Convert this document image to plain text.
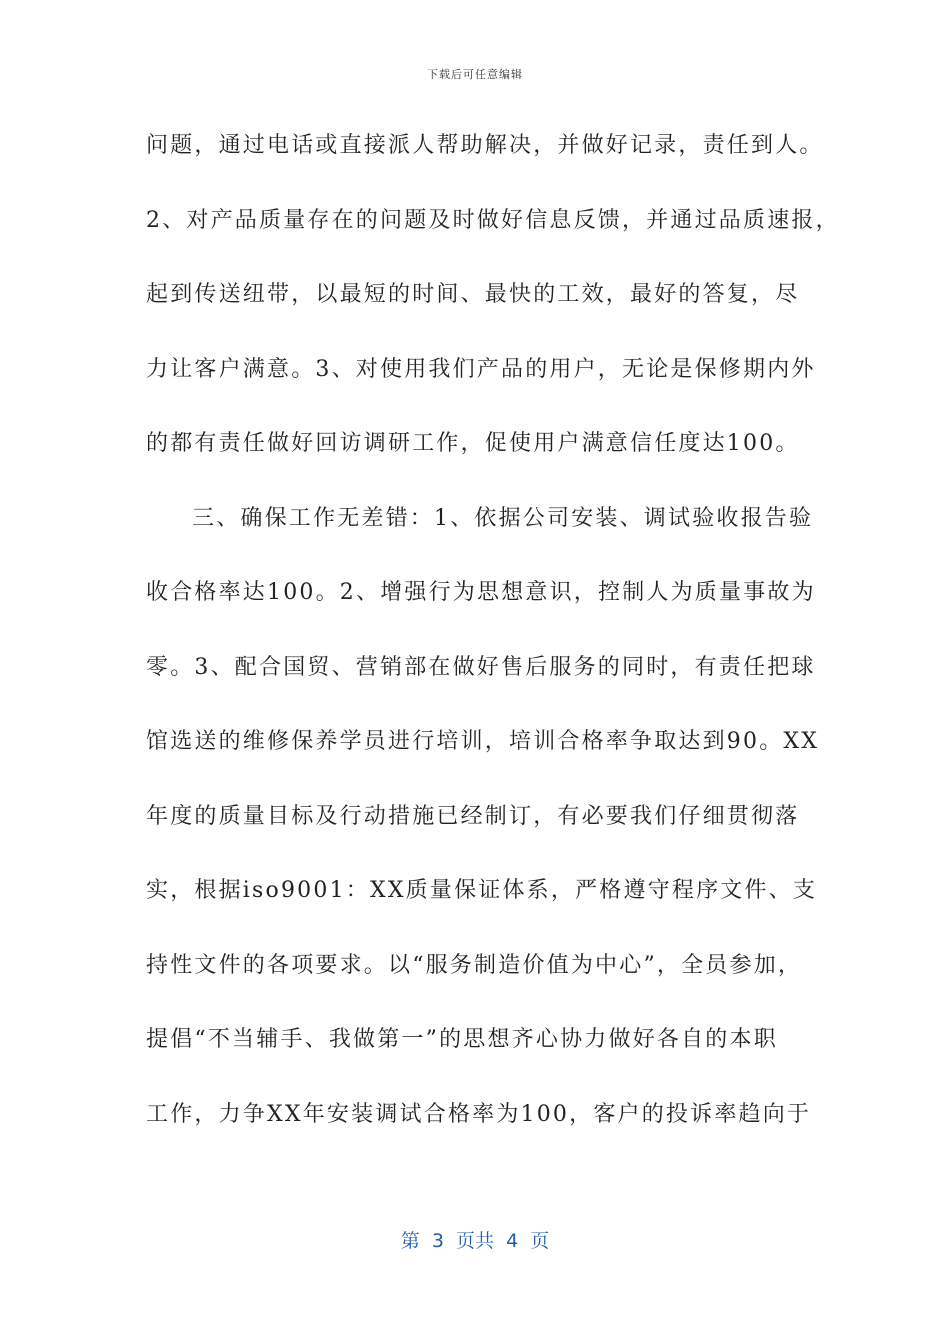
下载后可任意编辑
问题，通过电话或直接派人帮助解决，并做好记录，责任到人。
2、对产品质量存在的问题及时做好信息反馈，并通过品质速报，
起到传送纽带，以最短的时间、最快的工效，最好的答复，尽
力让客户满意。3、对使用我们产品的用户，无论是保修期内外
的都有责任做好回访调研工作，促使用户满意信任度达100。
三、确保工作无差错：1、依据公司安装、调试验收报告验
收合格率达100。2、增强行为思想意识，控制人为质量事故为
零。3、配合国贸、营销部在做好售后服务的同时，有责任把球
馆选送的维修保养学员进行培训，培训合格率争取达到90。XX
年度的质量目标及行动措施已经制订，有必要我们仔细贯彻落
实，根据iso9001：XX质量保证体系，严格遵守程序文件、支
持性文件的各项要求。以“服务制造价值为中心”，全员参加，
提倡“不当辅手、我做第一”的思想齐心协力做好各自的本职
工作，力争XX年安装调试合格率为100，客户的投诉率趋向于
第  3  页共  4  页
